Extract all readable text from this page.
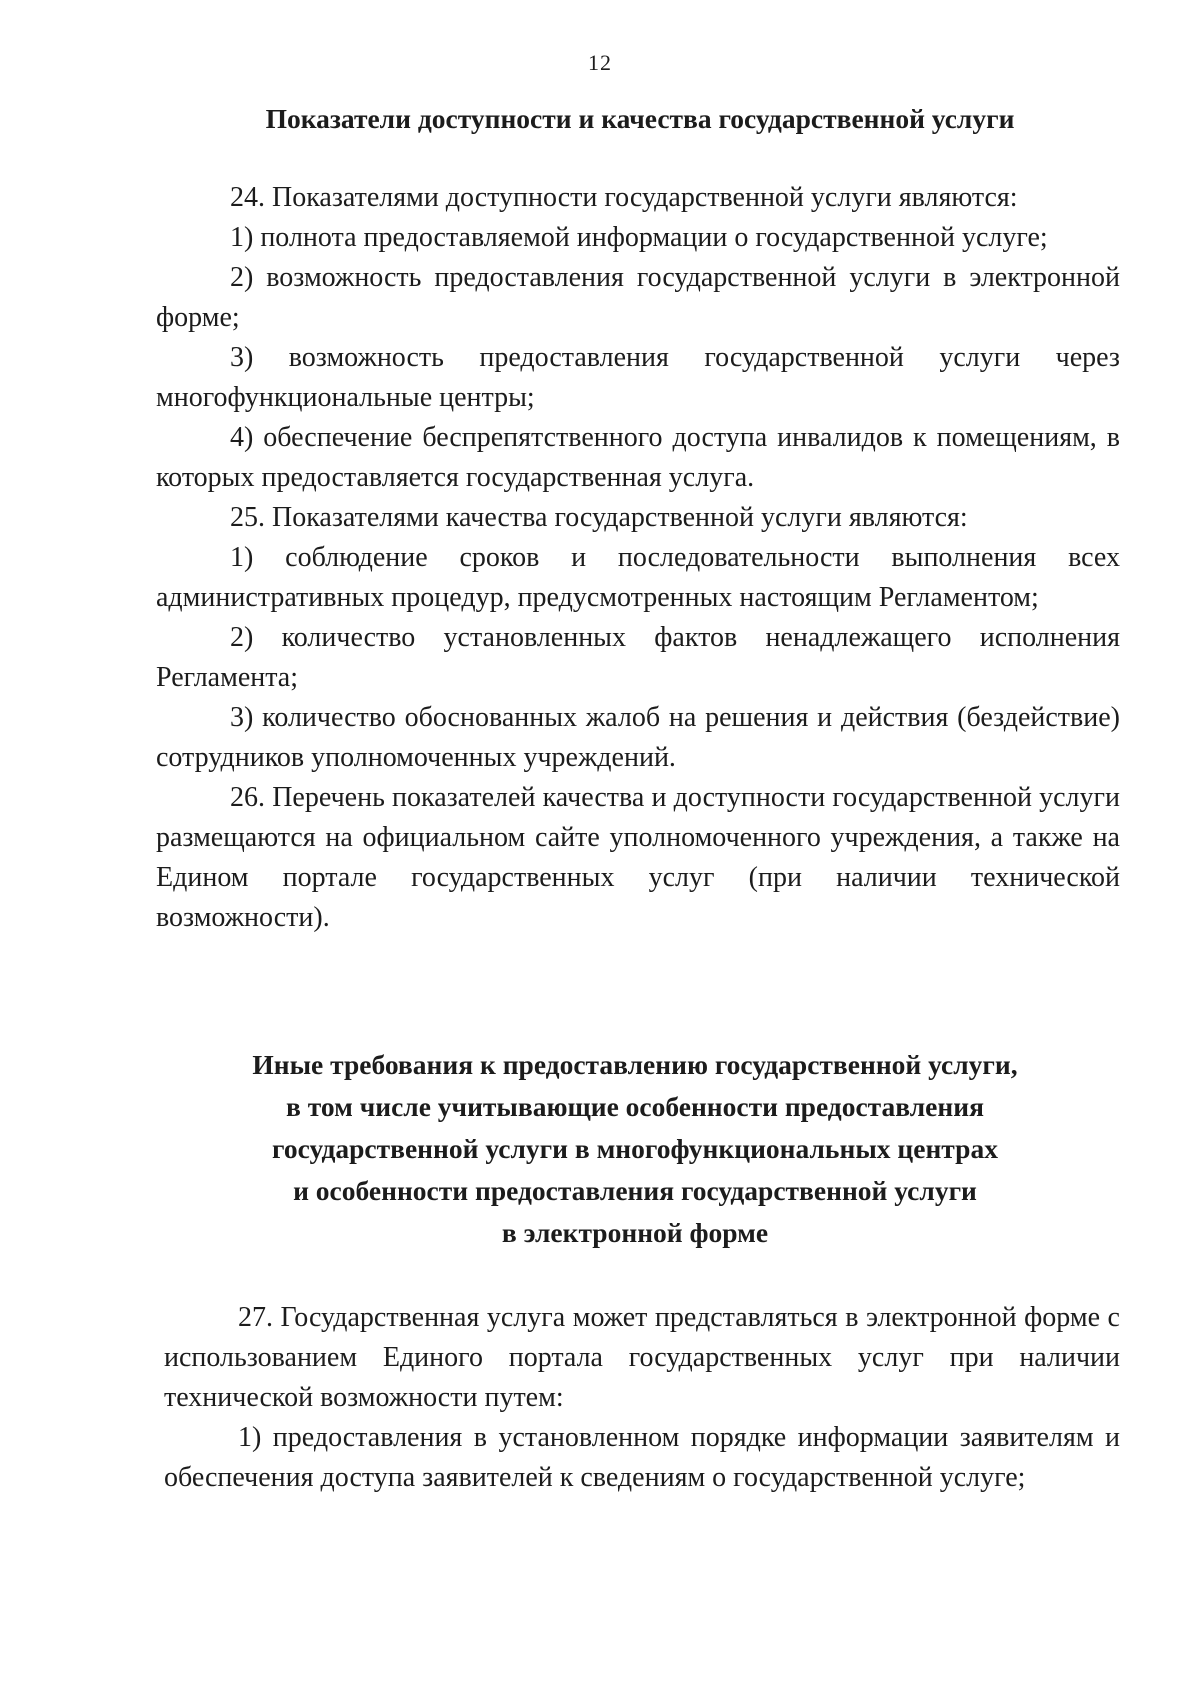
12
Показатели доступности и качества государственной услуги

24. Показателями доступности государственной услуги являются:

1) полнота предоставляемой информации о государственной услуге;

2) возможность предоставления государственной услуги в электронной форме;

3) возможность предоставления государственной услуги через многофункциональные центры;

4) обеспечение беспрепятственного доступа инвалидов к помещениям, в которых предоставляется государственная услуга.

25. Показателями качества государственной услуги являются:

1) соблюдение сроков и последовательности выполнения всех административных процедур, предусмотренных настоящим Регламентом;

2) количество установленных фактов ненадлежащего исполнения Регламента;

3) количество обоснованных жалоб на решения и действия (бездействие) сотрудников уполномоченных учреждений.

26. Перечень показателей качества и доступности государственной услуги размещаются на официальном сайте уполномоченного учреждения, а также на Едином портале государственных услуг (при наличии технической возможности).

Иные требования к предоставлению государственной услуги,
в том числе учитывающие особенности предоставления
государственной услуги в многофункциональных центрах
и особенности предоставления государственной услуги
в электронной форме

27. Государственная услуга может представляться в электронной форме с использованием Единого портала государственных услуг при наличии технической возможности путем:

1) предоставления в установленном порядке информации заявителям и обеспечения доступа заявителей к сведениям о государственной услуге;
